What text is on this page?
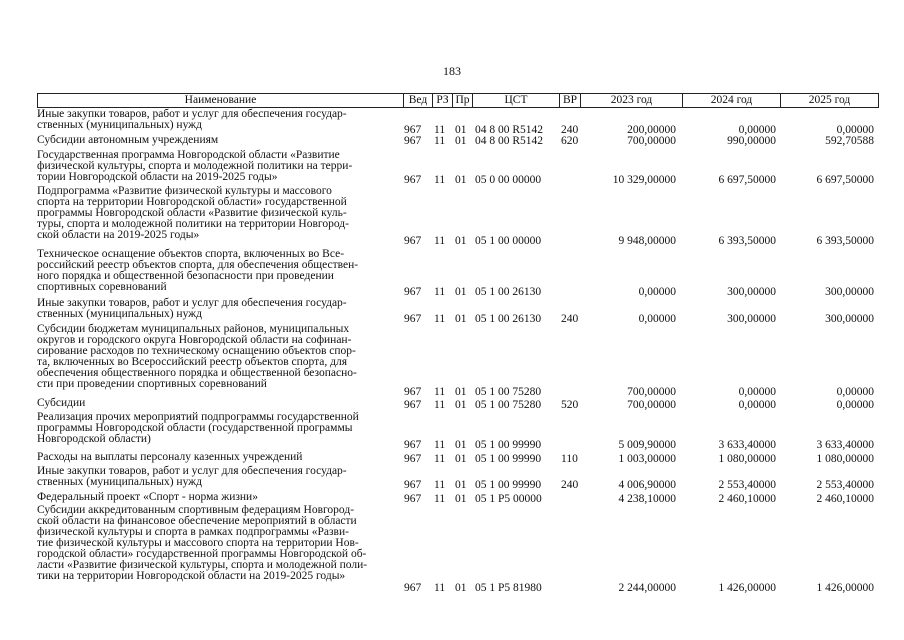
183
Наименование	Вед РЗ Пр	ЦСТ	ВР	2023 год	2024 год	2025 год
Иные закупки товаров, работ и услуг для обеспечения государ-
ственных (муниципальных) нужд	967 11 01 04 8 00 R5142 240	200,00000	0,00000	0,00000
Субсидии автономным учреждениям	967 11 01 04 8 00 R5142 620	700,00000	990,00000	592,70588
Государственная программа Новгородской области «Развитие
физической культуры, спорта и молодежной политики на терри-
тории Новгородской области на 2019-2025 годы»	967 11 01 05 0 00 00000	10 329,00000	6 697,50000	6 697,50000
Подпрограмма «Развитие физической культуры и массового
спорта на территории Новгородской области» государственной
программы Новгородской области «Развитие физической куль-
туры, спорта и молодежной политики на территории Новгород-
ской области на 2019-2025 годы»	967 11 01 05 1 00 00000	9 948,00000	6 393,50000	6 393,50000
Техническое оснащение объектов спорта, включенных во Все-
российский реестр объектов спорта, для обеспечения обществен-
ного порядка и общественной безопасности при проведении
спортивных соревнований	967 11 01 05 1 00 26130	0,00000	300,00000	300,00000
Иные закупки товаров, работ и услуг для обеспечения государ-
ственных (муниципальных) нужд	967 11 01 05 1 00 26130 240	0,00000	300,00000	300,00000
Субсидии бюджетам муниципальных районов, муниципальных
округов и городского округа Новгородской области на софинан-
сирование расходов по техническому оснащению объектов спор-
та, включенных во Всероссийский реестр объектов спорта, для
обеспечения общественного порядка и общественной безопасно-
сти при проведении спортивных соревнований
967 11 01 05 1 00 75280	700,00000	0,00000	0,00000
Субсидии	967 11 01 05 1 00 75280 520	700,00000	0,00000	0,00000
Реализация прочих мероприятий подпрограммы государственной
программы Новгородской области (государственной программы
Новгородской области)	967 11 01 05 1 00 99990	5 009,90000	3 633,40000	3 633,40000
Расходы на выплаты персоналу казенных учреждений	967 11 01 05 1 00 99990 110	1 003,00000	1 080,00000	1 080,00000
Иные закупки товаров, работ и услуг для обеспечения государ-
ственных (муниципальных) нужд	967 11 01 05 1 00 99990 240	4 006,90000	2 553,40000	2 553,40000
Федеральный проект «Спорт - норма жизни»	967 11 01 05 1 P5 00000	4 238,10000	2 460,10000	2 460,10000
Субсидии аккредитованным спортивным федерациям Новгород-
ской области на финансовое обеспечение мероприятий в области
физической культуры и спорта в рамках подпрограммы «Разви-
тие физической культуры и массового спорта на территории Нов-
городской области» государственной программы Новгородской об-
ласти «Развитие физической культуры, спорта и молодежной поли-
тики на территории Новгородской области на 2019-2025 годы»
967 11 01 05 1 P5 81980	2 244,00000	1 426,00000	1 426,00000
